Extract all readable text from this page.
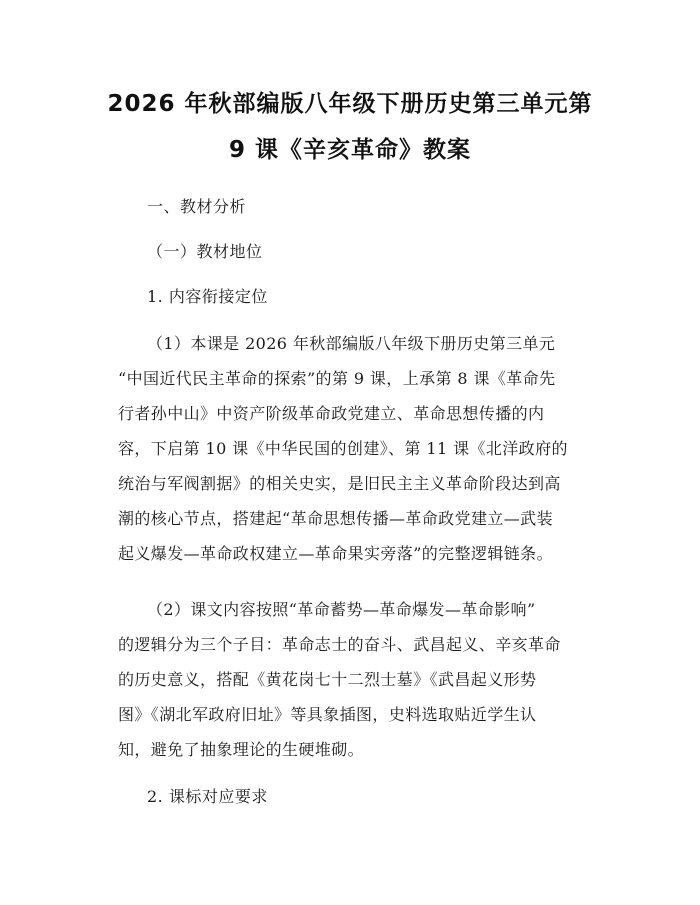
2026 年秋部编版八年级下册历史第三单元第
9 课《辛亥革命》教案

一、教材分析

（一）教材地位

1. 内容衔接定位

（1）本课是 2026 年秋部编版八年级下册历史第三单元
“中国近代民主革命的探索”的第 9 课，上承第 8 课《革命先
行者孙中山》中资产阶级革命政党建立、革命思想传播的内
容，下启第 10 课《中华民国的创建》、第 11 课《北洋政府的
统治与军阀割据》的相关史实，是旧民主主义革命阶段达到高
潮的核心节点，搭建起“革命思想传播—革命政党建立—武装
起义爆发—革命政权建立—革命果实旁落”的完整逻辑链条。
（2）课文内容按照“革命蓄势—革命爆发—革命影响”
的逻辑分为三个子目：革命志士的奋斗、武昌起义、辛亥革命
的历史意义，搭配《黄花岗七十二烈士墓》《武昌起义形势
图》《湖北军政府旧址》等具象插图，史料选取贴近学生认
知，避免了抽象理论的生硬堆砌。

2. 课标对应要求
